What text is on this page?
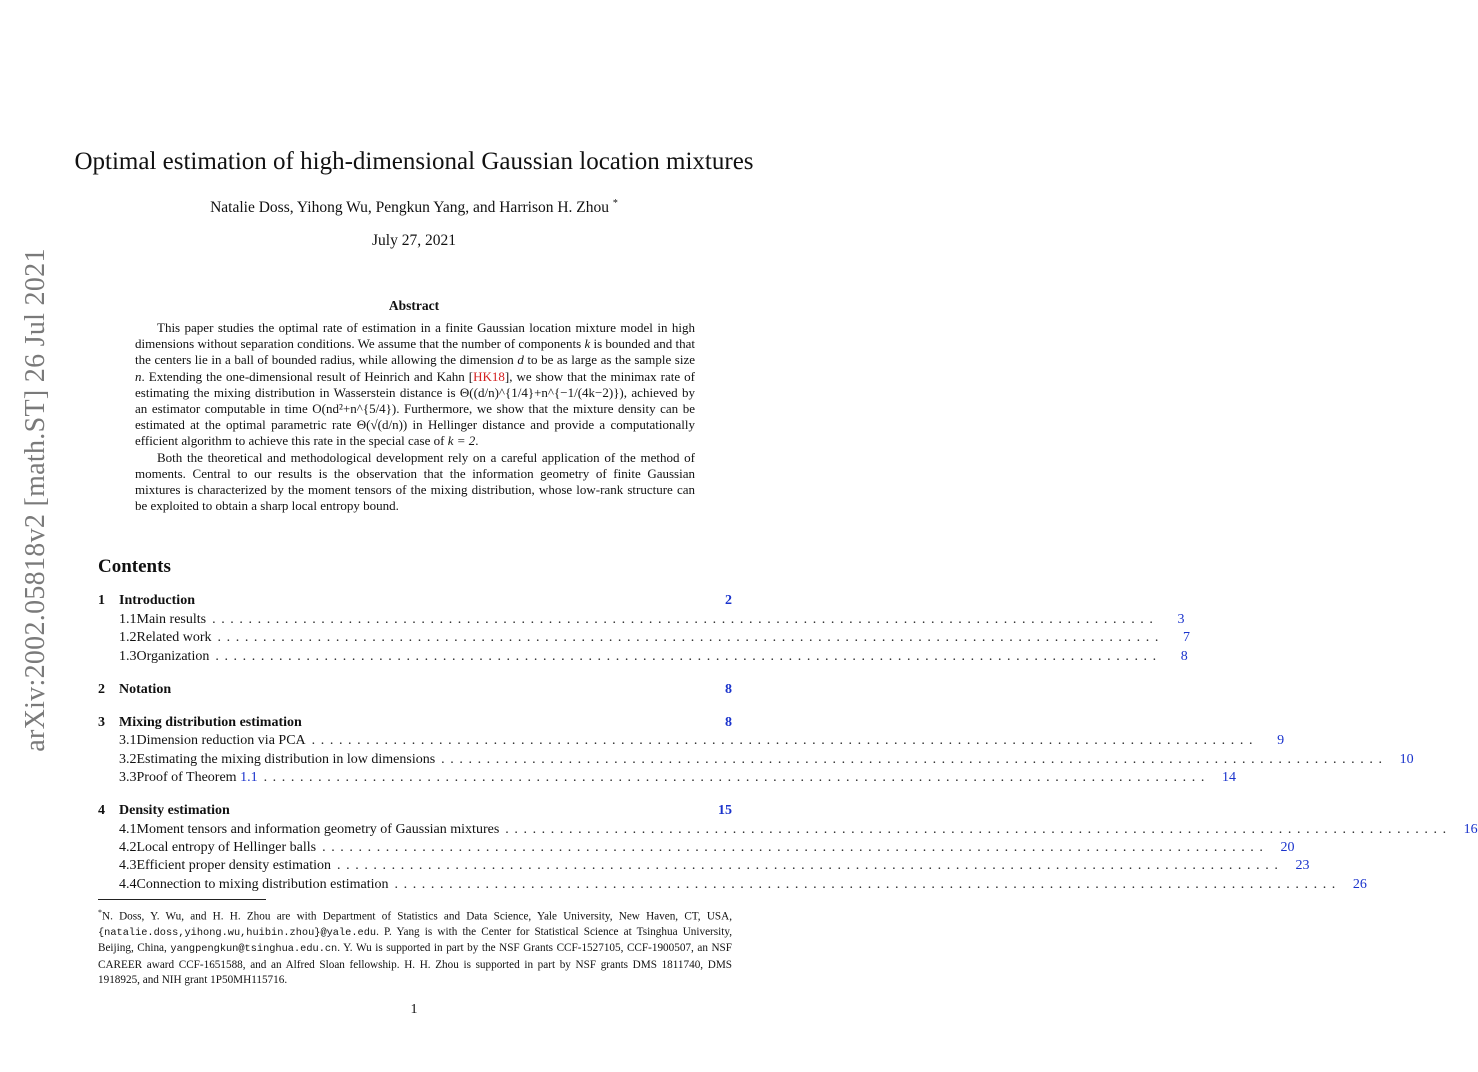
arXiv:2002.05818v2 [math.ST] 26 Jul 2021
Optimal estimation of high-dimensional Gaussian location mixtures
Natalie Doss, Yihong Wu, Pengkun Yang, and Harrison H. Zhou *
July 27, 2021
Abstract

This paper studies the optimal rate of estimation in a finite Gaussian location mixture model in high dimensions without separation conditions. We assume that the number of components k is bounded and that the centers lie in a ball of bounded radius, while allowing the dimension d to be as large as the sample size n. Extending the one-dimensional result of Heinrich and Kahn [HK18], we show that the minimax rate of estimating the mixing distribution in Wasserstein distance is Θ((d/n)^{1/4}+n^{−1/(4k−2)}), achieved by an estimator computable in time O(nd²+n^{5/4}). Furthermore, we show that the mixture density can be estimated at the optimal parametric rate Θ(√(d/n)) in Hellinger distance and provide a computationally efficient algorithm to achieve this rate in the special case of k = 2.

Both the theoretical and methodological development rely on a careful application of the method of moments. Central to our results is the observation that the information geometry of finite Gaussian mixtures is characterized by the moment tensors of the mixing distribution, whose low-rank structure can be exploited to obtain a sharp local entropy bound.

Contents
1	Introduction	2
1.1 Main results ........................................................................................................	3
1.2 Related work ........................................................................................................	7
1.3 Organization ........................................................................................................	8
2	Notation	8
3	Mixing distribution estimation	8
3.1 Dimension reduction via PCA ........................................................................................................	9
3.2 Estimating the mixing distribution in low dimensions ........................................................................................................ 10
3.3 Proof of Theorem 1.1 ........................................................................................................ 14
4	Density estimation	15
4.1 Moment tensors and information geometry of Gaussian mixtures ........................................................................................................ 16
4.2 Local entropy of Hellinger balls ........................................................................................................ 20
4.3 Efficient proper density estimation ........................................................................................................ 23
4.4 Connection to mixing distribution estimation ........................................................................................................ 26
*N. Doss, Y. Wu, and H. H. Zhou are with Department of Statistics and Data Science, Yale University, New Haven, CT, USA, {natalie.doss,yihong.wu,huibin.zhou}@yale.edu. P. Yang is with the Center for Statistical Science at Tsinghua University, Beijing, China, yangpengkun@tsinghua.edu.cn. Y. Wu is supported in part by the NSF Grants CCF-1527105, CCF-1900507, an NSF CAREER award CCF-1651588, and an Alfred Sloan fellowship. H. H. Zhou is supported in part by NSF grants DMS 1811740, DMS 1918925, and NIH grant 1P50MH115716.
1
